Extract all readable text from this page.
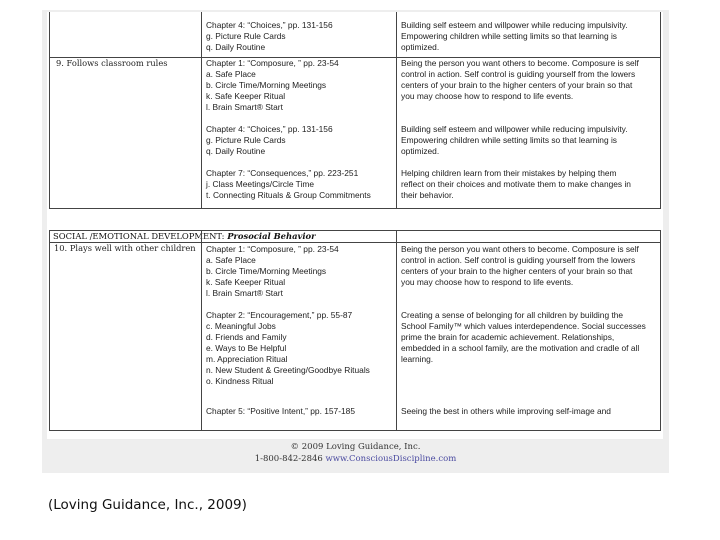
Chapter 4: “Choices,” pp. 131-156
g. Picture Rule Cards
q. Daily Routine
Building self esteem and willpower while reducing impulsivity.
Empowering children while setting limits so that learning is
optimized.
9. Follows classroom rules	Chapter 1: “Composure, ” pp. 23-54
a. Safe Place
b. Circle Time/Morning Meetings
k. Safe Keeper Ritual
l. Brain Smart® Start
Chapter 4: “Choices,” pp. 131-156
g. Picture Rule Cards
q. Daily Routine
Chapter 7: “Consequences,” pp. 223-251
j. Class Meetings/Circle Time
t. Connecting Rituals & Group Commitments
Being the person you want others to become. Composure is self
control in action. Self control is guiding yourself from the lowers
centers of your brain to the higher centers of your brain so that
you may choose how to respond to life events.
Building self esteem and willpower while reducing impulsivity.
Empowering children while setting limits so that learning is
optimized.
Helping children learn from their mistakes by helping them
reflect on their choices and motivate them to make changes in
their behavior.
SOCIAL /EMOTIONAL DEVELOPMENT: Prosocial Behavior
10. Plays well with other children Chapter 1: “Composure, ” pp. 23-54
a. Safe Place
b. Circle Time/Morning Meetings
k. Safe Keeper Ritual
l. Brain Smart® Start
Chapter 2: “Encouragement,” pp. 55-87
c. Meaningful Jobs
d. Friends and Family
e. Ways to Be Helpful
m. Appreciation Ritual
n. New Student & Greeting/Goodbye Rituals
o. Kindness Ritual
Chapter 5: “Positive Intent,” pp. 157-185
Being the person you want others to become. Composure is self
control in action. Self control is guiding yourself from the lowers
centers of your brain to the higher centers of your brain so that
you may choose how to respond to life events.
Creating a sense of belonging for all children by building the
School Family™ which values interdependence. Social successes
prime the brain for academic achievement. Relationships,
embedded in a school family, are the motivation and cradle of all
learning.
Seeing the best in others while improving self-image and
© 2009 Loving Guidance, Inc.
1-800-842-2846 www.ConsciousDiscipline.com
(Loving Guidance, Inc., 2009)
